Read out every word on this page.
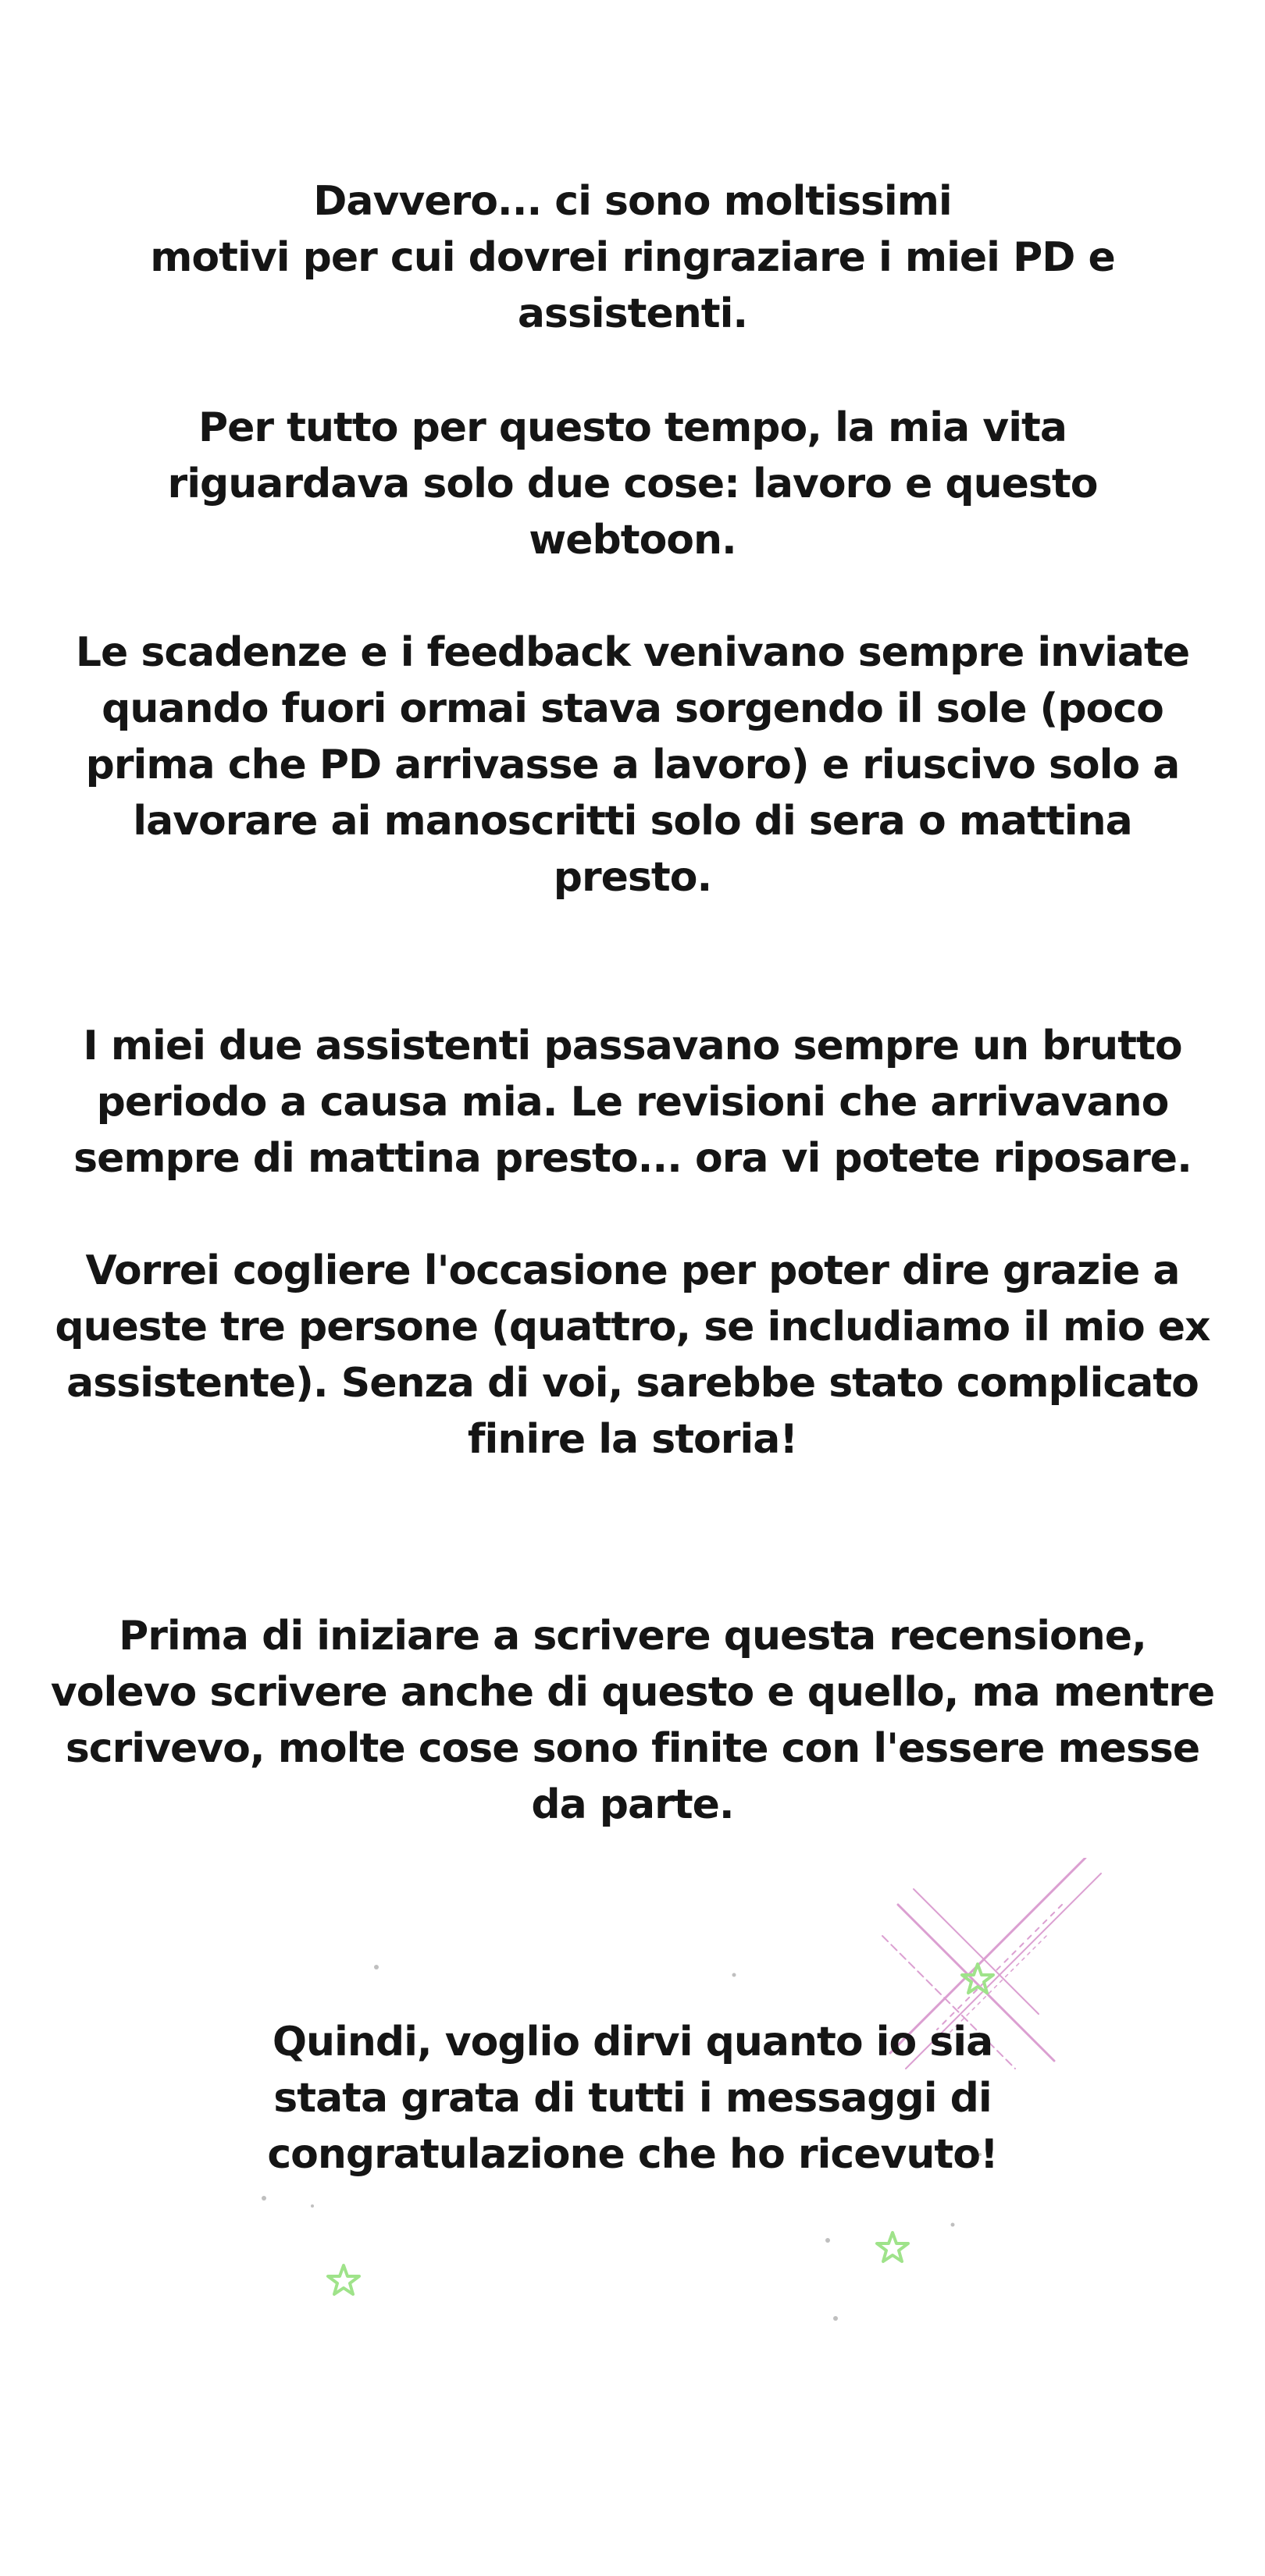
Davvero... ci sono moltissimi
motivi per cui dovrei ringraziare i miei PD e
assistenti.
Per tutto per questo tempo, la mia vita
riguardava solo due cose: lavoro e questo
webtoon.
Le scadenze e i feedback venivano sempre inviate
quando fuori ormai stava sorgendo il sole (poco
prima che PD arrivasse a lavoro) e riuscivo solo a
lavorare ai manoscritti solo di sera o mattina
presto.
I miei due assistenti passavano sempre un brutto
periodo a causa mia. Le revisioni che arrivavano
sempre di mattina presto... ora vi potete riposare.
Vorrei cogliere l'occasione per poter dire grazie a
queste tre persone (quattro, se includiamo il mio ex
assistente). Senza di voi, sarebbe stato complicato
finire la storia!
Prima di iniziare a scrivere questa recensione,
volevo scrivere anche di questo e quello, ma mentre
scrivevo, molte cose sono finite con l'essere messe
da parte.
Quindi, voglio dirvi quanto io sia
stata grata di tutti i messaggi di
congratulazione che ho ricevuto!
